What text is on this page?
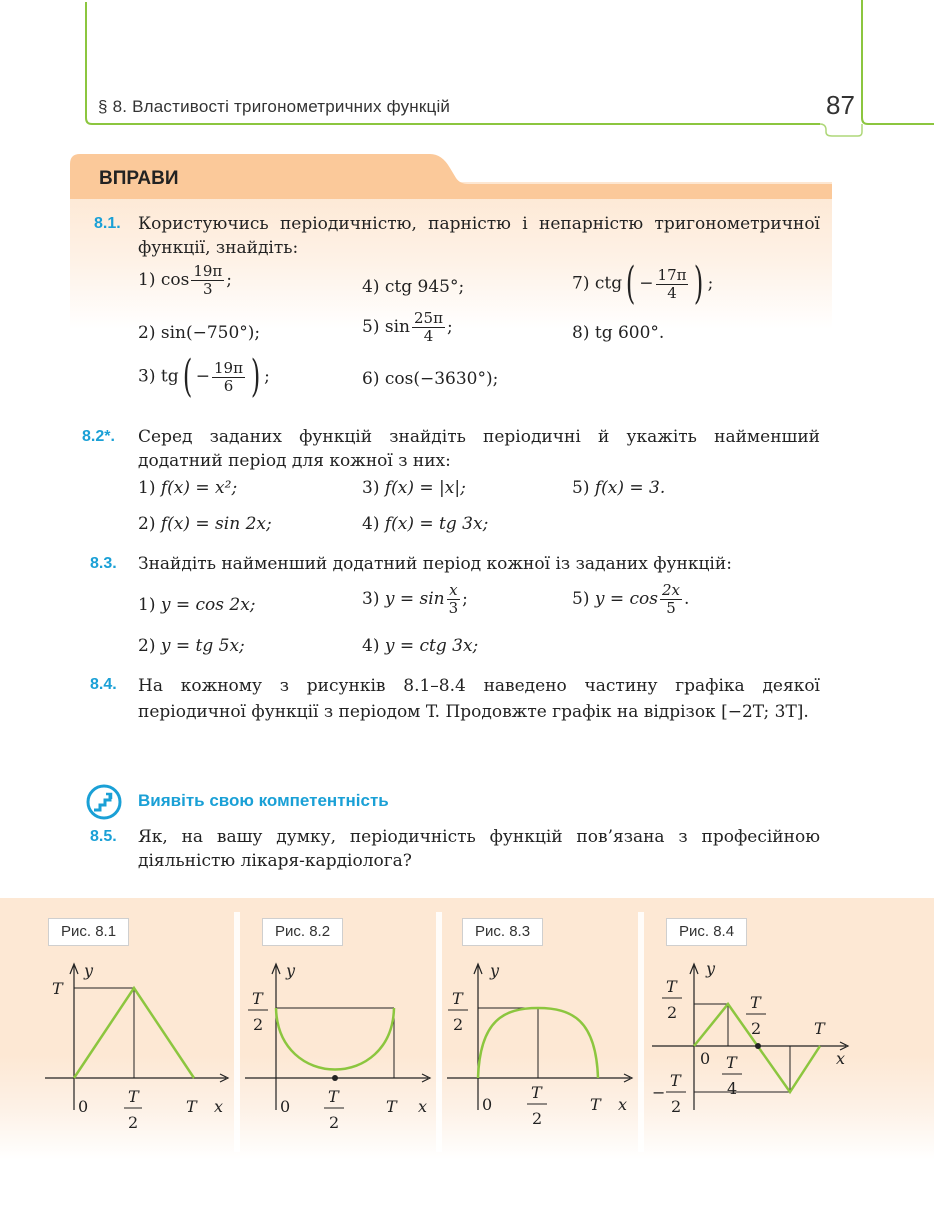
§ 8. Властивості тригонометричних функцій	87
ВПРАВИ
8.1. Користуючись періодичністю, парністю і непарністю тригонометричної функції, знайдіть:
1) $\cos \frac{19\pi}{3}$ ;	4) ctg 945°;	7) $ctg( - \frac{17\pi}{4}$ ) ;
2) sin(−750°);	5) $\sin \frac{25\pi}{4}$ ;	8) tg 600°.
3) $tg( - \frac{19\pi}{6}$ ) ;	6) cos(−3630°);
8.2*. Серед заданих функцій знайдіть періодичні й укажіть найменший додатний період для кожної з них:
1) f(x) = x²;	3) f(x) = |x|;	5) f(x) = 3.
2) f(x) = sin 2x;	4) f(x) = tg 3x;
8.3. Знайдіть найменший додатний період кожної із заданих функцій:
1) y = cos 2x;	3) $y = \sin \frac{x}{3}$ ;	5) $y = \cos \frac{2x}{5}$ .
2) y = tg 5x;	4) y = ctg 3x;
8.4. На кожному з рисунків 8.1–8.4 наведено частину графіка деякої періодичної функції з періодом T. Продовжте графік на відрізок [−2T; 3T].
Виявіть свою компетентність
8.5. Як, на вашу думку, періодичність функцій пов’язана з професійною діяльністю лікаря-кардіолога?
y
T
0
T
2
T x
Рис. 8.1
y
T
2
0
T
2
T x
Рис. 8.2
y
T
2
0
T
2
T x
Рис. 8.3
y
T
2
T
2	T
0 T
4
−
T
2
x
Рис. 8.4
